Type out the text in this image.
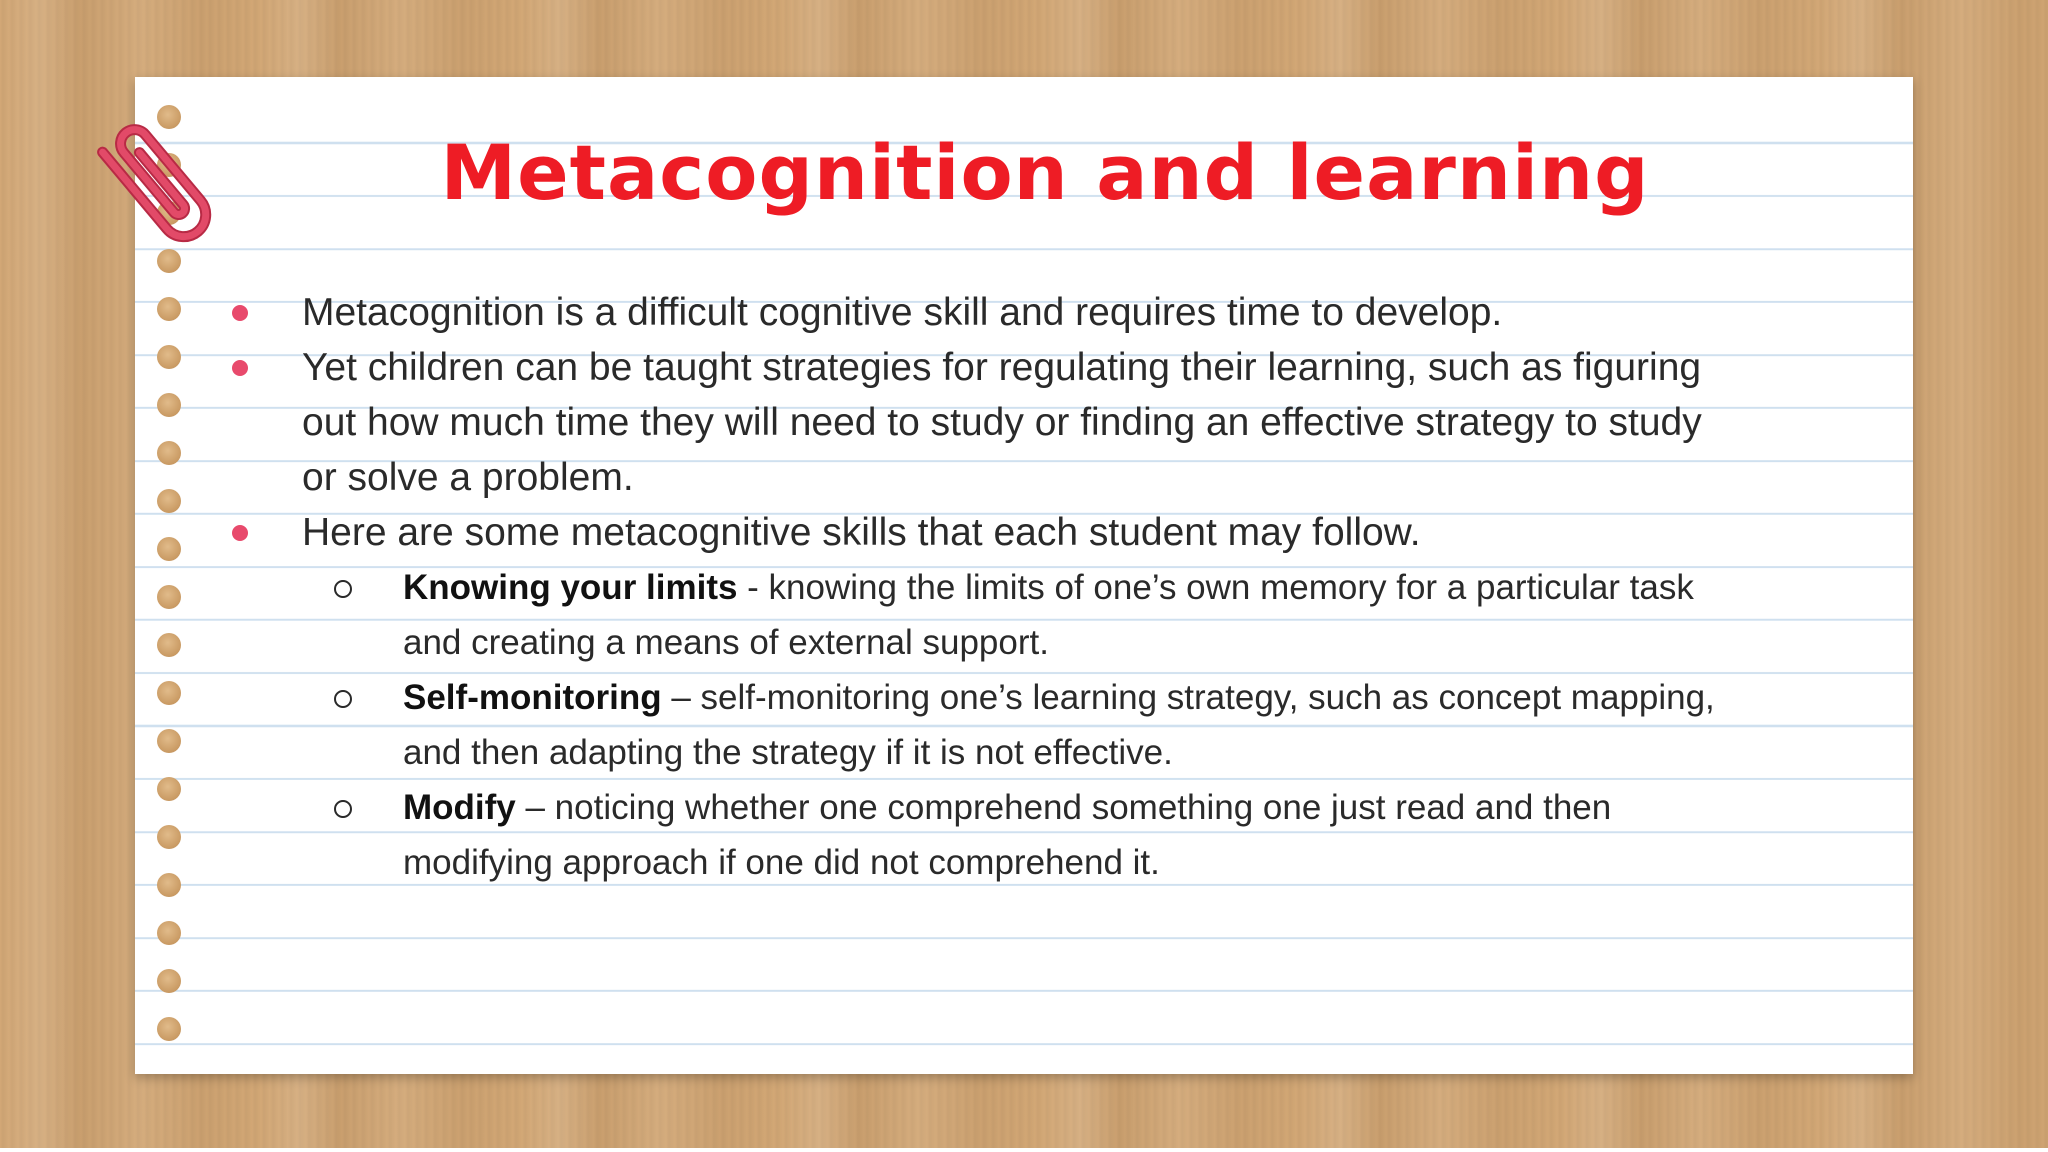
Metacognition and learning
Metacognition is a difficult cognitive skill and requires time to develop.
Yet children can be taught strategies for regulating their learning, such as figuring out how much time they will need to study or finding an effective strategy to study or solve a problem.
Here are some metacognitive skills that each student may follow.
Knowing your limits - knowing the limits of one’s own memory for a particular task and creating a means of external support.
Self-monitoring – self-monitoring one’s learning strategy, such as concept mapping, and then adapting the strategy if it is not effective.
Modify – noticing whether one comprehend something one just read and then modifying approach if one did not comprehend it.
